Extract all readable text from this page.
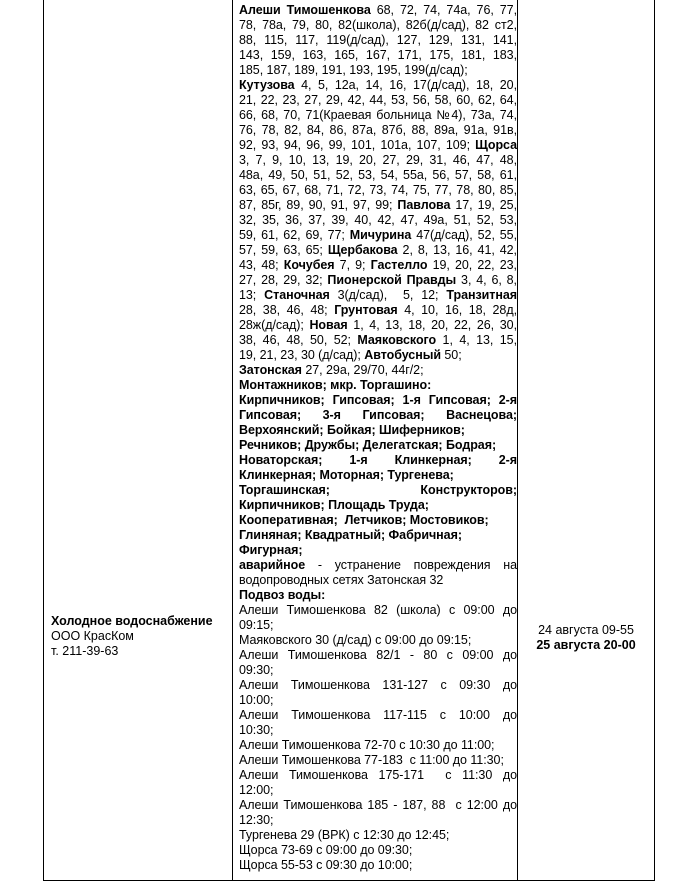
Холодное водоснабжение
ООО КрасКом
т. 211-39-63
Алеши Тимошенкова 68, 72, 74, 74а, 76, 77,
78, 78а, 79, 80, 82(школа), 82б(д/сад), 82 ст2,
88, 115, 117, 119(д/сад), 127, 129, 131, 141,
143, 159, 163, 165, 167, 171, 175, 181, 183,
185, 187, 189, 191, 193, 195, 199(д/сад);
Кутузова 4, 5, 12а, 14, 16, 17(д/сад), 18, 20,
21, 22, 23, 27, 29, 42, 44, 53, 56, 58, 60, 62, 64,
66, 68, 70, 71(Краевая больница №4), 73а, 74,
76, 78, 82, 84, 86, 87а, 87б, 88, 89а, 91а, 91в,
92, 93, 94, 96, 99, 101, 101а, 107, 109; Щорса
3, 7, 9, 10, 13, 19, 20, 27, 29, 31, 46, 47, 48,
48а, 49, 50, 51, 52, 53, 54, 55а, 56, 57, 58, 61,
63, 65, 67, 68, 71, 72, 73, 74, 75, 77, 78, 80, 85,
87, 85г, 89, 90, 91, 97, 99; Павлова 17, 19, 25,
32, 35, 36, 37, 39, 40, 42, 47, 49а, 51, 52, 53,
59, 61, 62, 69, 77; Мичурина 47(д/сад), 52, 55,
57, 59, 63, 65; Щербакова 2, 8, 13, 16, 41, 42,
43, 48; Кочубея 7, 9; Гастелло 19, 20, 22, 23,
27, 28, 29, 32; Пионерской Правды 3, 4, 6, 8,
13; Станочная 3(д/сад),  5, 12; Транзитная
28, 38, 46, 48; Грунтовая 4, 10, 16, 18, 28д,
28ж(д/сад); Новая 1, 4, 13, 18, 20, 22, 26, 30,
38, 46, 48, 50, 52; Маяковского 1, 4, 13, 15,
19, 21, 23, 30 (д/сад); Автобусный 50;
Затонская 27, 29а, 29/70, 44г/2;
Монтажников; мкр. Торгашино:
Кирпичников; Гипсовая; 1-я Гипсовая; 2-я
Гипсовая; 3-я Гипсовая; Васнецова;
Верхоянский; Бойкая; Шиферников;
Речников; Дружбы; Делегатская; Бодрая;
Новаторская; 1-я Клинкерная; 2-я
Клинкерная; Моторная; Тургенева;
Торгашинская; Конструкторов;
Кирпичников; Площадь Труда;
Кооперативная;  Летчиков; Мостовиков;
Глиняная; Квадратный; Фабричная;
Фигурная;
аварийное - устранение повреждения на
водопроводных сетях Затонская 32
Подвоз воды:
Алеши Тимошенкова 82 (школа) с 09:00 до
09:15;
Маяковского 30 (д/сад) с 09:00 до 09:15;
Алеши Тимошенкова 82/1 - 80 с 09:00 до
09:30;
Алеши Тимошенкова 131-127 с 09:30 до
10:00;
Алеши Тимошенкова 117-115 с 10:00 до
10:30;
Алеши Тимошенкова 72-70 с 10:30 до 11:00;
Алеши Тимошенкова 77-183  с 11:00 до 11:30;
Алеши Тимошенкова 175-171  с 11:30 до
12:00;
Алеши Тимошенкова 185 - 187, 88  с 12:00 до
12:30;
Тургенева 29 (ВРК) с 12:30 до 12:45;
Щорса 73-69 с 09:00 до 09:30;
Щорса 55-53 с 09:30 до 10:00;
24 августа 09-55
25 августа 20-00
